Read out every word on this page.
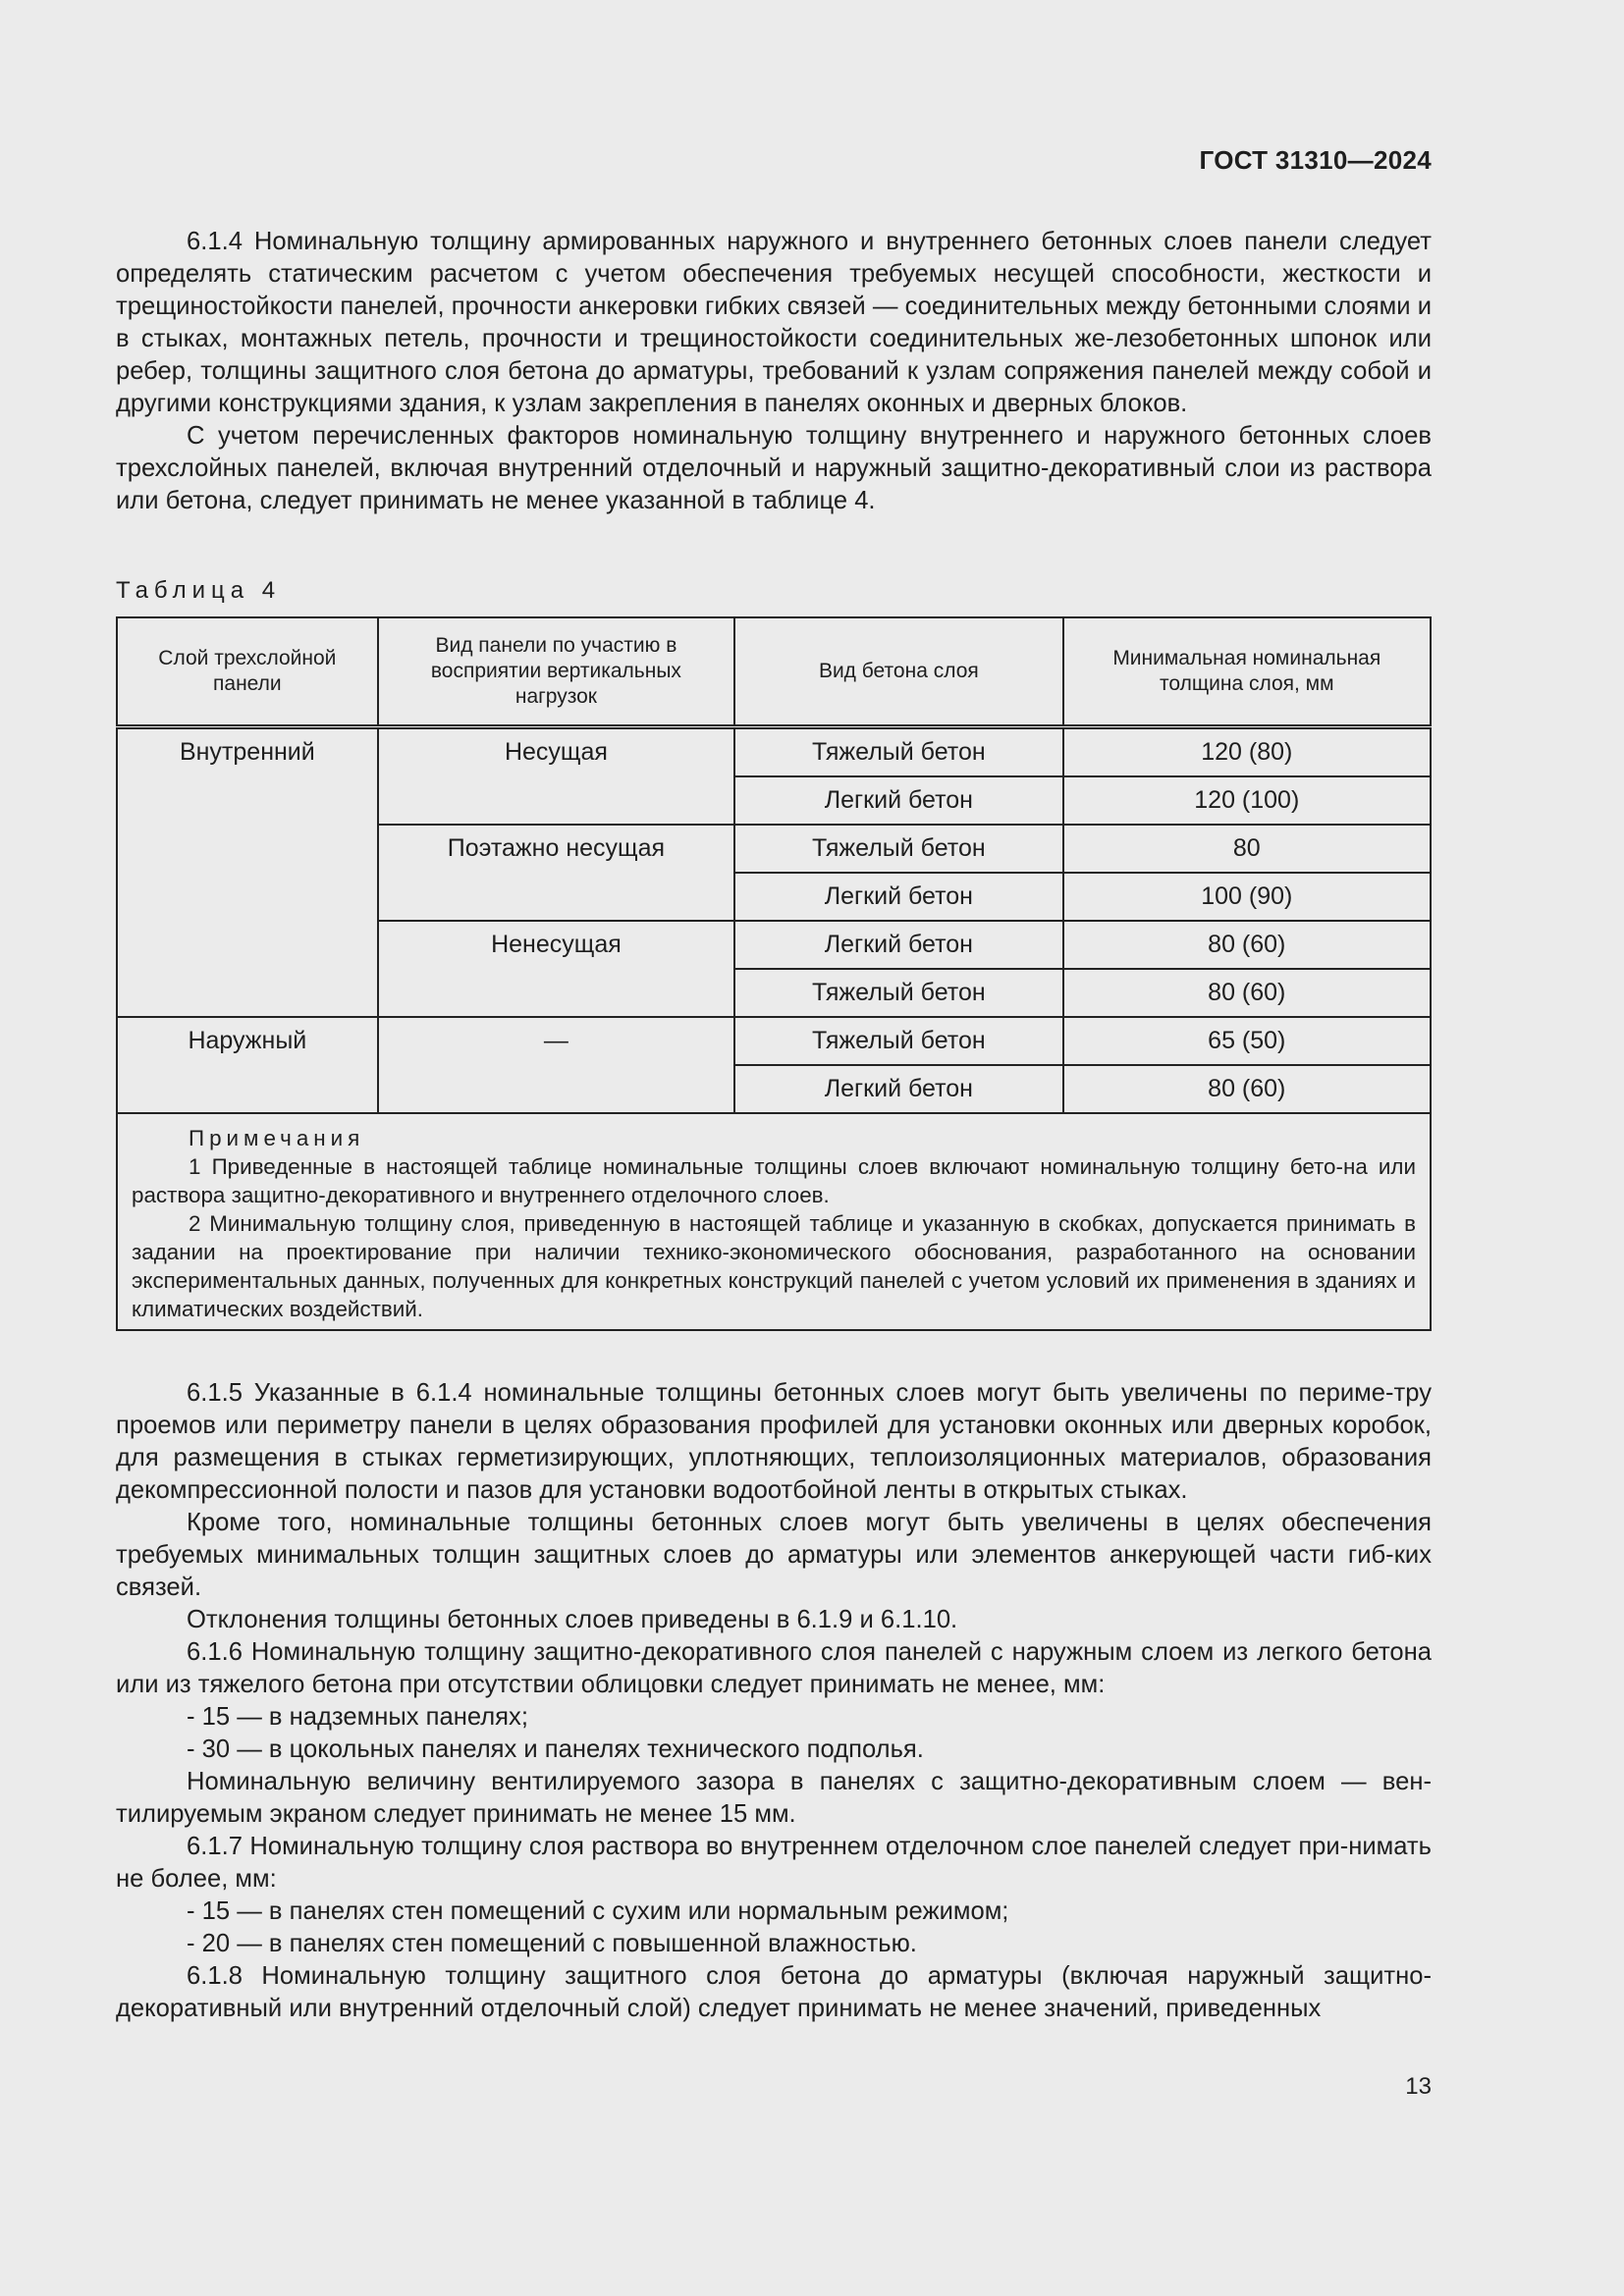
ГОСТ 31310—2024

6.1.4 Номинальную толщину армированных наружного и внутреннего бетонных слоев панели следует определять статическим расчетом с учетом обеспечения требуемых несущей способности, жесткости и трещиностойкости панелей, прочности анкеровки гибких связей — соединительных между бетонными слоями и в стыках, монтажных петель, прочности и трещиностойкости соединительных же-лезобетонных шпонок или ребер, толщины защитного слоя бетона до арматуры, требований к узлам сопряжения панелей между собой и другими конструкциями здания, к узлам закрепления в панелях оконных и дверных блоков.

С учетом перечисленных факторов номинальную толщину внутреннего и наружного бетонных слоев трехслойных панелей, включая внутренний отделочный и наружный защитно-декоративный слои из раствора или бетона, следует принимать не менее указанной в таблице 4.

Таблица 4
Слой трехслойной панели	Вид панели по участию в восприятии вертикальных нагрузок	Вид бетона слоя	Минимальная номинальная толщина слоя, мм
Внутренний	Несущая	Тяжелый бетон	120 (80)
		Легкий бетон	120 (100)
	Поэтажно несущая	Тяжелый бетон	80
		Легкий бетон	100 (90)
	Ненесущая	Легкий бетон	80 (60)
		Тяжелый бетон	80 (60)
Наружный	—	Тяжелый бетон	65 (50)
		Легкий бетон	80 (60)

Примечания
1 Приведенные в настоящей таблице номинальные толщины слоев включают номинальную толщину бето-на или раствора защитно-декоративного и внутреннего отделочного слоев.
2 Минимальную толщину слоя, приведенную в настоящей таблице и указанную в скобках, допускается принимать в задании на проектирование при наличии технико-экономического обоснования, разработанного на основании экспериментальных данных, полученных для конкретных конструкций панелей с учетом условий их применения в зданиях и климатических воздействий.			

6.1.5 Указанные в 6.1.4 номинальные толщины бетонных слоев могут быть увеличены по периме-тру проемов или периметру панели в целях образования профилей для установки оконных или дверных коробок, для размещения в стыках герметизирующих, уплотняющих, теплоизоляционных материалов, образования декомпрессионной полости и пазов для установки водоотбойной ленты в открытых стыках.

Кроме того, номинальные толщины бетонных слоев могут быть увеличены в целях обеспечения требуемых минимальных толщин защитных слоев до арматуры или элементов анкерующей части гиб-ких связей.

Отклонения толщины бетонных слоев приведены в 6.1.9 и 6.1.10.

6.1.6 Номинальную толщину защитно-декоративного слоя панелей с наружным слоем из легкого бетона или из тяжелого бетона при отсутствии облицовки следует принимать не менее, мм:

- 15 — в надземных панелях;

- 30 — в цокольных панелях и панелях технического подполья.

Номинальную величину вентилируемого зазора в панелях с защитно-декоративным слоем — вен-тилируемым экраном следует принимать не менее 15 мм.

6.1.7 Номинальную толщину слоя раствора во внутреннем отделочном слое панелей следует при-нимать не более, мм:

- 15 — в панелях стен помещений с сухим или нормальным режимом;

- 20 — в панелях стен помещений с повышенной влажностью.

6.1.8 Номинальную толщину защитного слоя бетона до арматуры (включая наружный защитно-декоративный или внутренний отделочный слой) следует принимать не менее значений, приведенных

13
